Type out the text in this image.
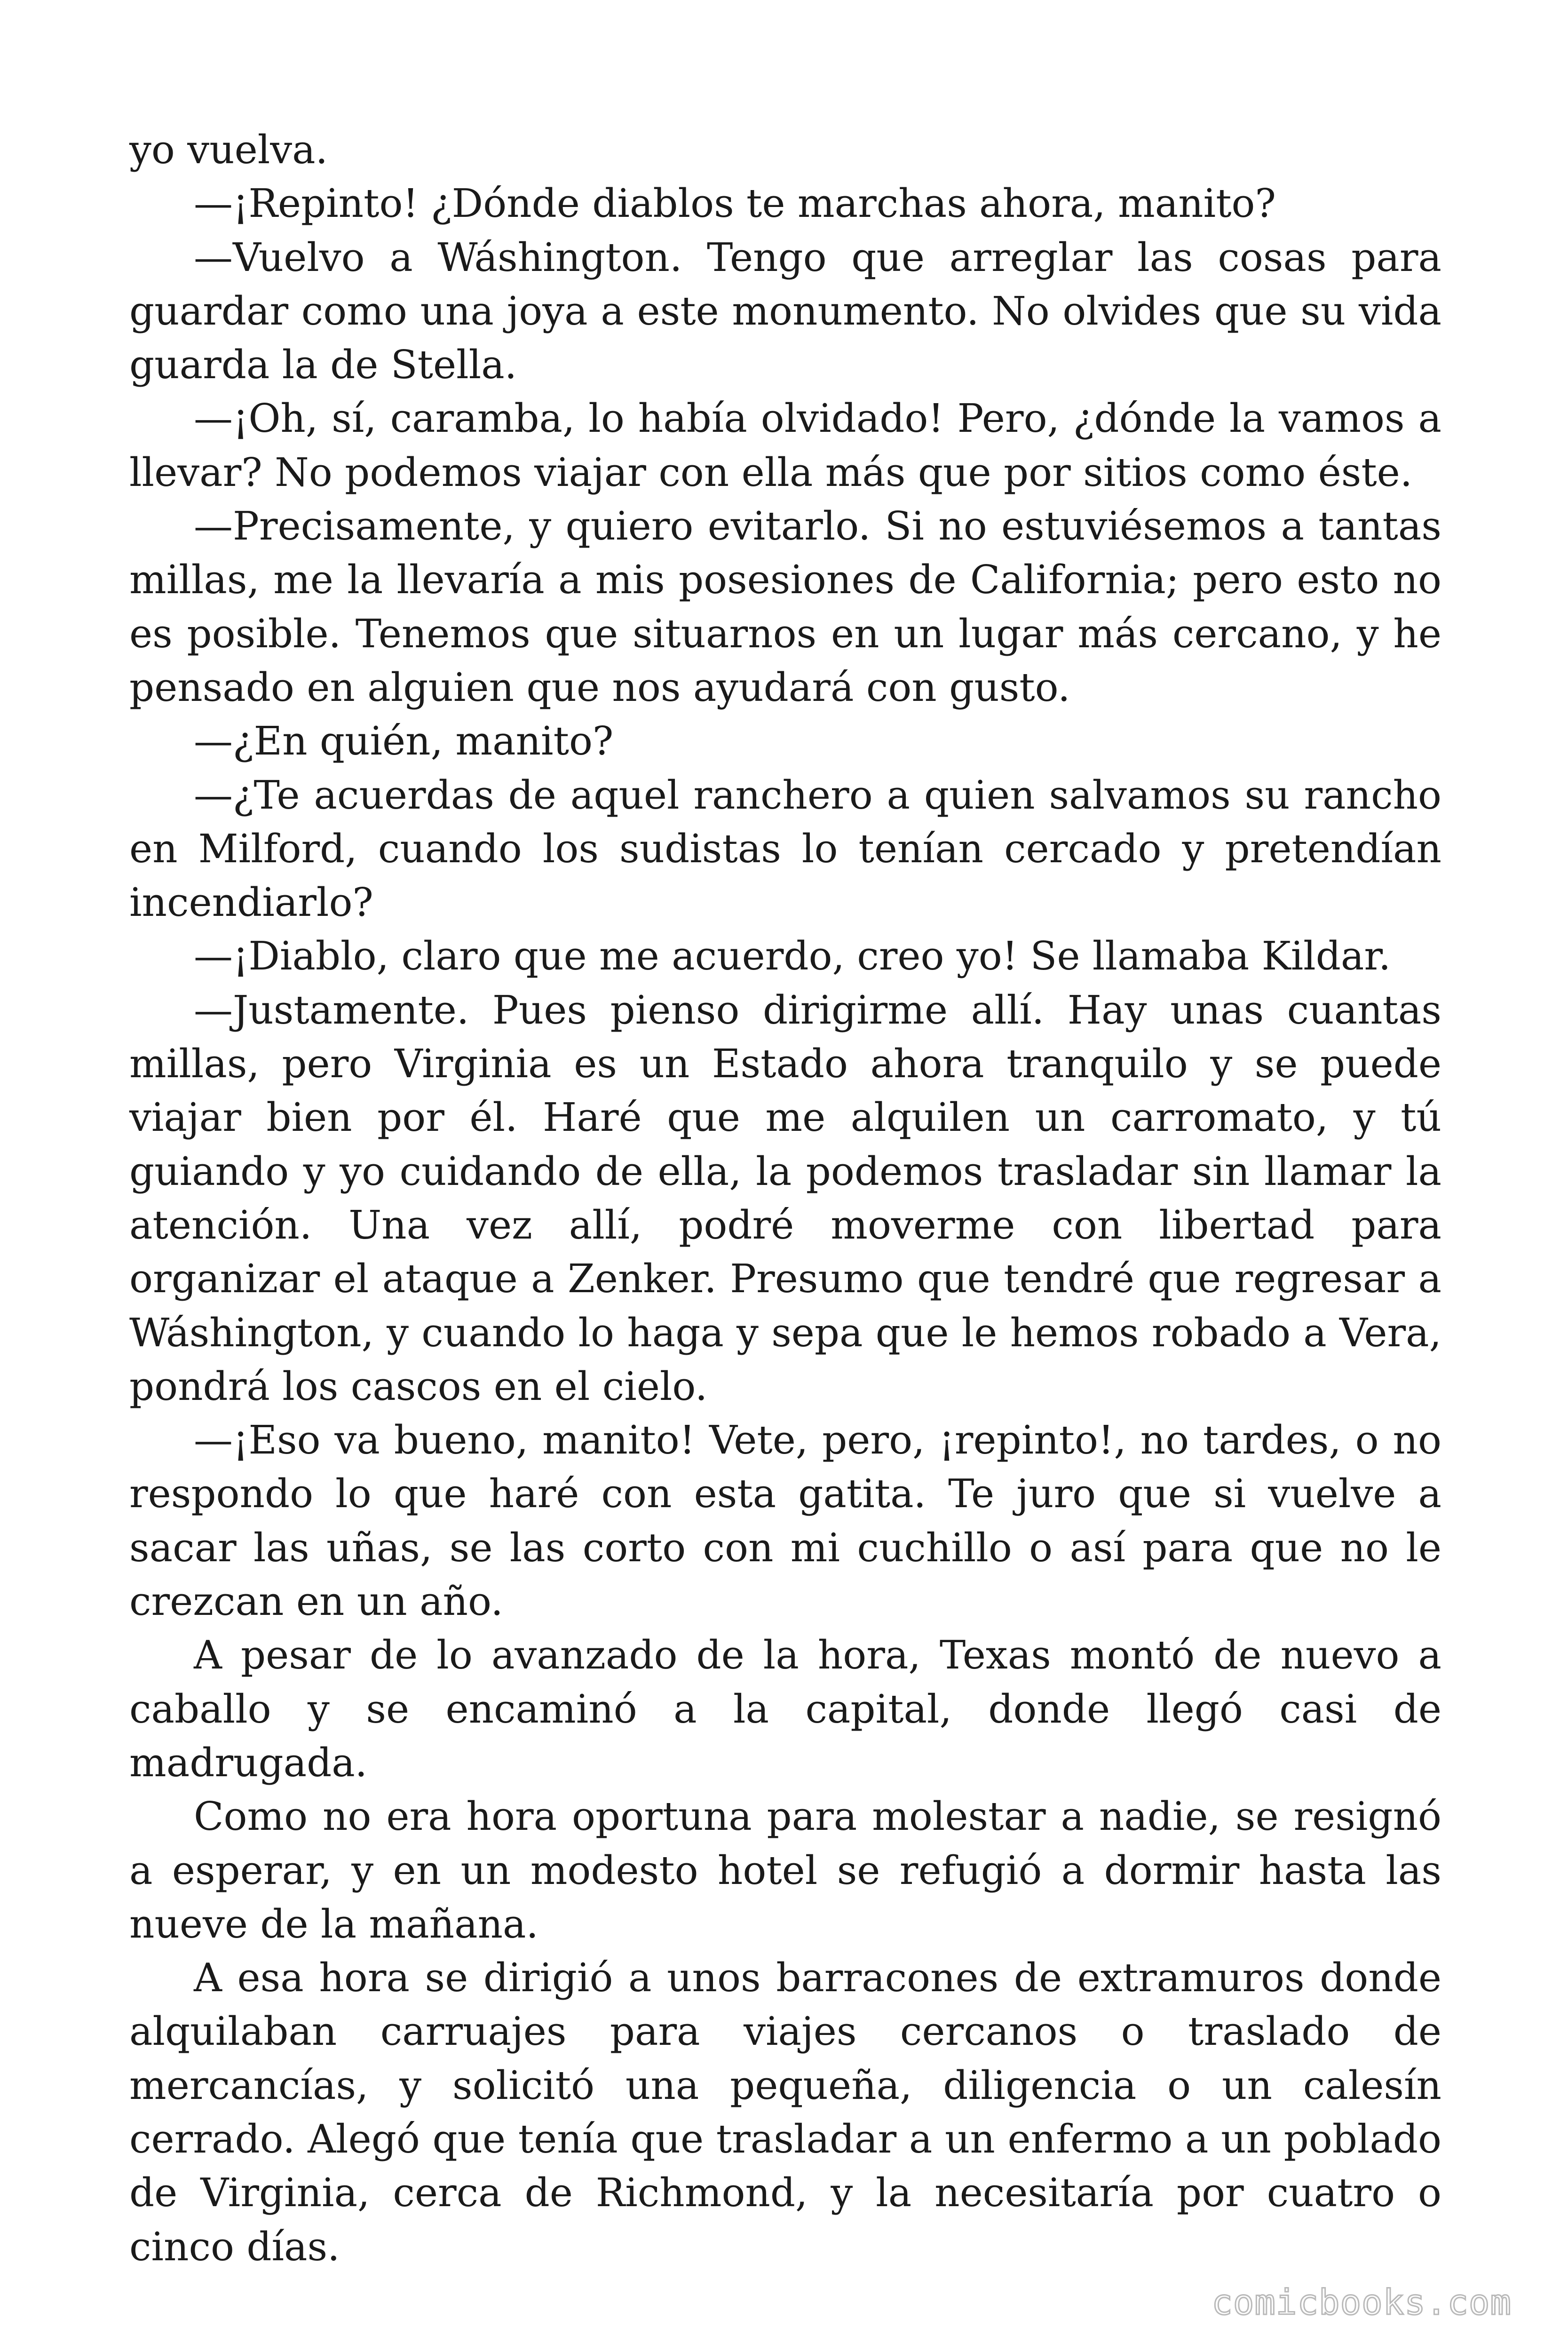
yo vuelva.

—¡Repinto! ¿Dónde diablos te marchas ahora, manito?

—Vuelvo a Wáshington. Tengo que arreglar las cosas para guardar como una joya a este monumento. No olvides que su vida guarda la de Stella.

—¡Oh, sí, caramba, lo había olvidado! Pero, ¿dónde la vamos a llevar? No podemos viajar con ella más que por sitios como éste.

—Precisamente, y quiero evitarlo. Si no estuviésemos a tantas millas, me la llevaría a mis posesiones de California; pero esto no es posible. Tenemos que situarnos en un lugar más cercano, y he pensado en alguien que nos ayudará con gusto.

—¿En quién, manito?

—¿Te acuerdas de aquel ranchero a quien salvamos su rancho en Milford, cuando los sudistas lo tenían cercado y pretendían incendiarlo?

—¡Diablo, claro que me acuerdo, creo yo! Se llamaba Kildar.

—Justamente. Pues pienso dirigirme allí. Hay unas cuantas millas, pero Virginia es un Estado ahora tranquilo y se puede viajar bien por él. Haré que me alquilen un carromato, y tú guiando y yo cuidando de ella, la podemos trasladar sin llamar la atención. Una vez allí, podré moverme con libertad para organizar el ataque a Zenker. Presumo que tendré que regresar a Wáshington, y cuando lo haga y sepa que le hemos robado a Vera, pondrá los cascos en el cielo.

—¡Eso va bueno, manito! Vete, pero, ¡repinto!, no tardes, o no respondo lo que haré con esta gatita. Te juro que si vuelve a sacar las uñas, se las corto con mi cuchillo o así para que no le crezcan en un año.

A pesar de lo avanzado de la hora, Texas montó de nuevo a caballo y se encaminó a la capital, donde llegó casi de madrugada.

Como no era hora oportuna para molestar a nadie, se resignó a esperar, y en un modesto hotel se refugió a dormir hasta las nueve de la mañana.

A esa hora se dirigió a unos barracones de extramuros donde alquilaban carruajes para viajes cercanos o traslado de mercancías, y solicitó una pequeña, diligencia o un calesín cerrado. Alegó que tenía que trasladar a un enfermo a un poblado de Virginia, cerca de Richmond, y la necesitaría por cuatro o cinco días.

comicbooks.com
